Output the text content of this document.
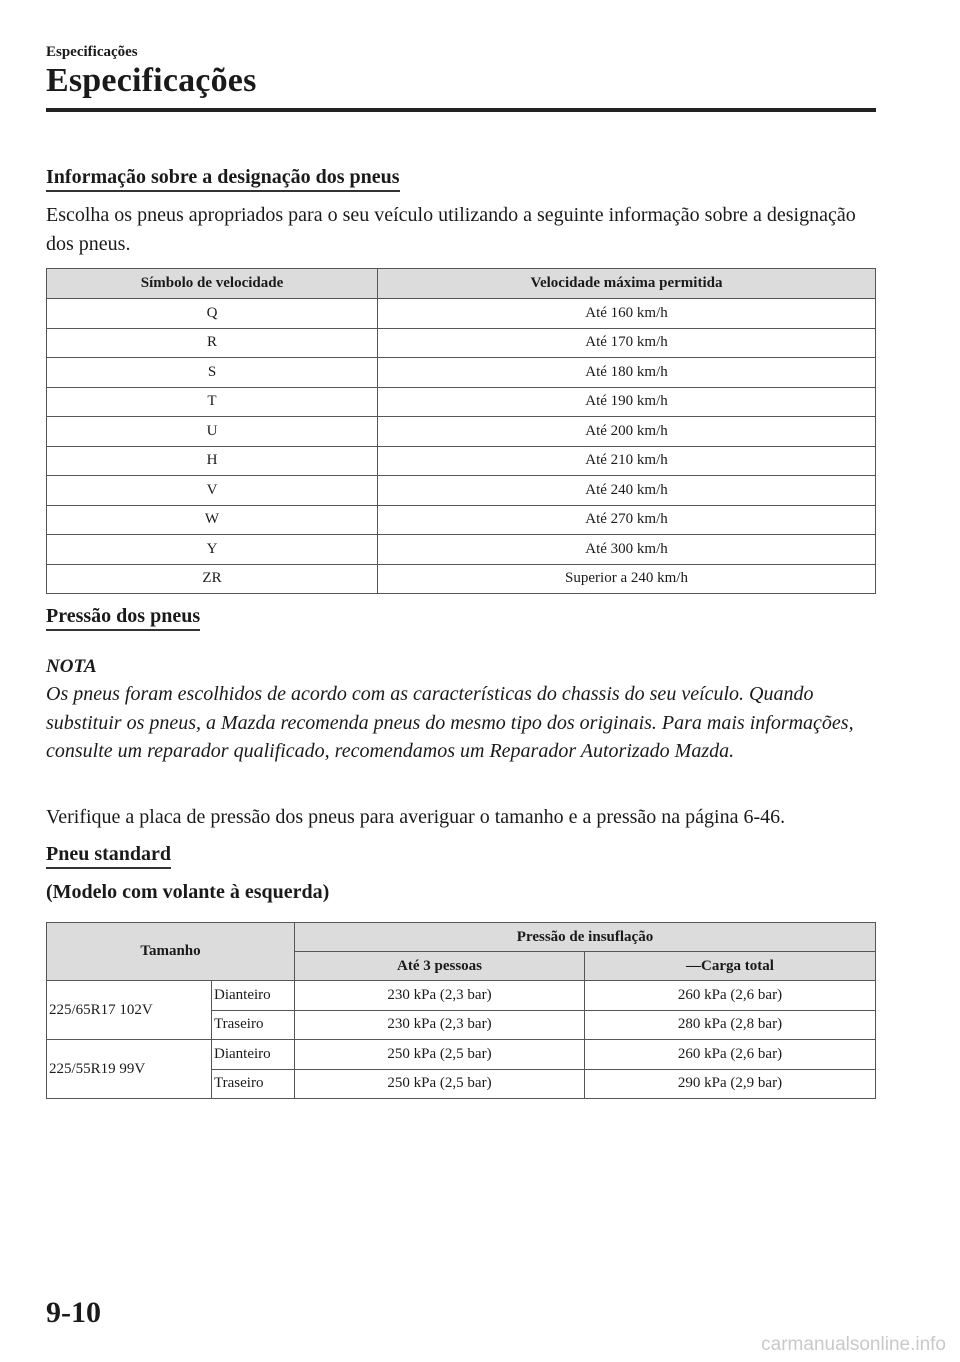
Especificações
Especificações
Informação sobre a designação dos pneus
Escolha os pneus apropriados para o seu veículo utilizando a seguinte informação sobre a designação dos pneus.
Símbolo de velocidade	Velocidade máxima permitida
Q	Até 160 km/h
R	Até 170 km/h
S	Até 180 km/h
T	Até 190 km/h
U	Até 200 km/h
H	Até 210 km/h
V	Até 240 km/h
W	Até 270 km/h
Y	Até 300 km/h
ZR	Superior a 240 km/h
Pressão dos pneus
NOTA
Os pneus foram escolhidos de acordo com as características do chassis do seu veículo. Quando substituir os pneus, a Mazda recomenda pneus do mesmo tipo dos originais. Para mais informações, consulte um reparador qualificado, recomendamos um Reparador Autorizado Mazda.
Verifique a placa de pressão dos pneus para averiguar o tamanho e a pressão na página 6-46.
Pneu standard
(Modelo com volante à esquerda)
Tamanho		Pressão de insuflação	
		Até 3 pessoas	—Carga total
225/65R17 102V	Dianteiro	230 kPa (2,3 bar)	260 kPa (2,6 bar)
	Traseiro	230 kPa (2,3 bar)	280 kPa (2,8 bar)
225/55R19 99V	Dianteiro	250 kPa (2,5 bar)	260 kPa (2,6 bar)
	Traseiro	250 kPa (2,5 bar)	290 kPa (2,9 bar)
9-10
carmanualsonline.info
